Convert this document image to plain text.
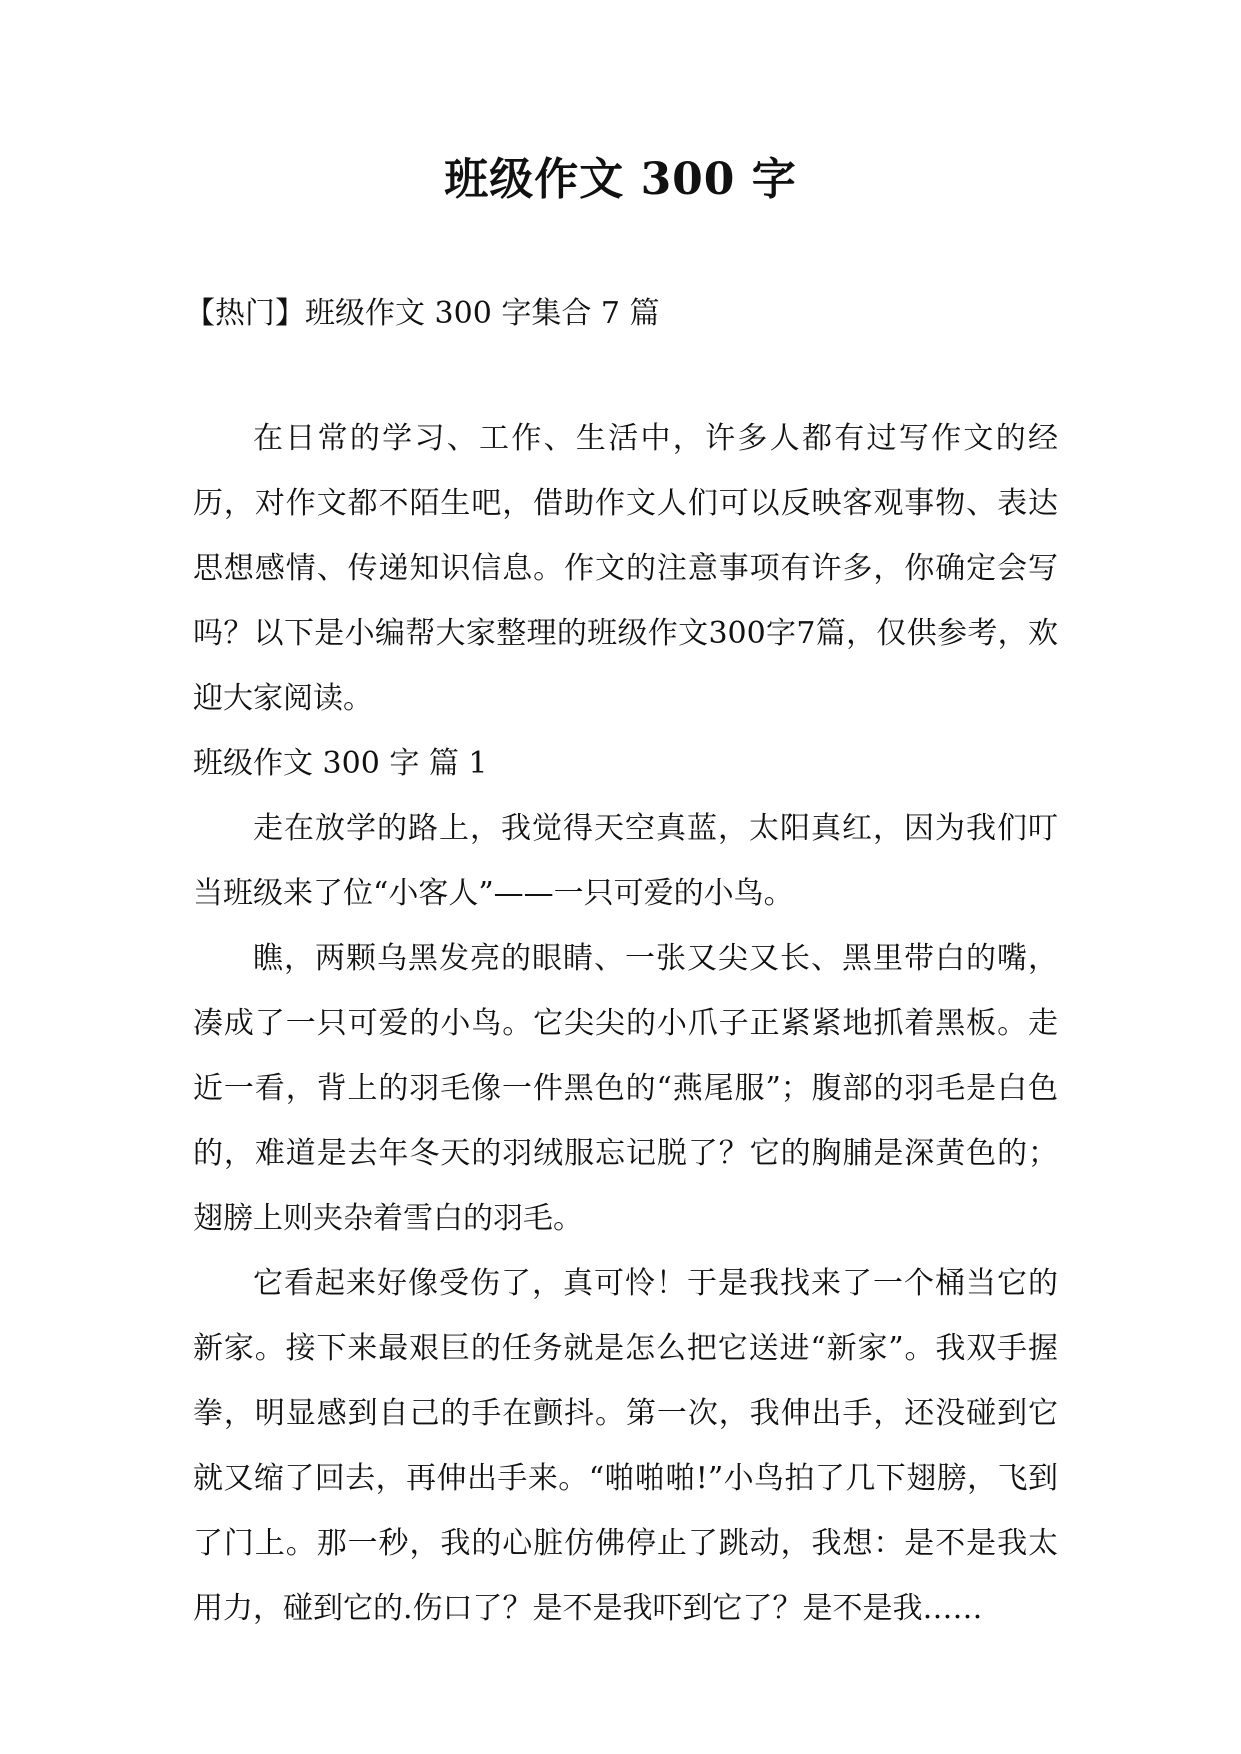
班级作文 300 字
【热门】班级作文 300 字集合 7 篇

在日常的学习、工作、生活中，许多人都有过写作文的经历，对作文都不陌生吧，借助作文人们可以反映客观事物、表达思想感情、传递知识信息。作文的注意事项有许多，你确定会写吗？以下是小编帮大家整理的班级作文300字7篇，仅供参考，欢迎大家阅读。

班级作文 300 字 篇 1

走在放学的路上，我觉得天空真蓝，太阳真红，因为我们叮当班级来了位“小客人”——一只可爱的小鸟。

瞧，两颗乌黑发亮的眼睛、一张又尖又长、黑里带白的嘴，凑成了一只可爱的小鸟。它尖尖的小爪子正紧紧地抓着黑板。走近一看，背上的羽毛像一件黑色的“燕尾服”；腹部的羽毛是白色的，难道是去年冬天的羽绒服忘记脱了？它的胸脯是深黄色的；翅膀上则夹杂着雪白的羽毛。

它看起来好像受伤了，真可怜！于是我找来了一个桶当它的新家。接下来最艰巨的任务就是怎么把它送进“新家”。我双手握拳，明显感到自己的手在颤抖。第一次，我伸出手，还没碰到它就又缩了回去，再伸出手来。“啪啪啪!”小鸟拍了几下翅膀，飞到了门上。那一秒，我的心脏仿佛停止了跳动，我想：是不是我太用力，碰到它的.伤口了？是不是我吓到它了？是不是我……
